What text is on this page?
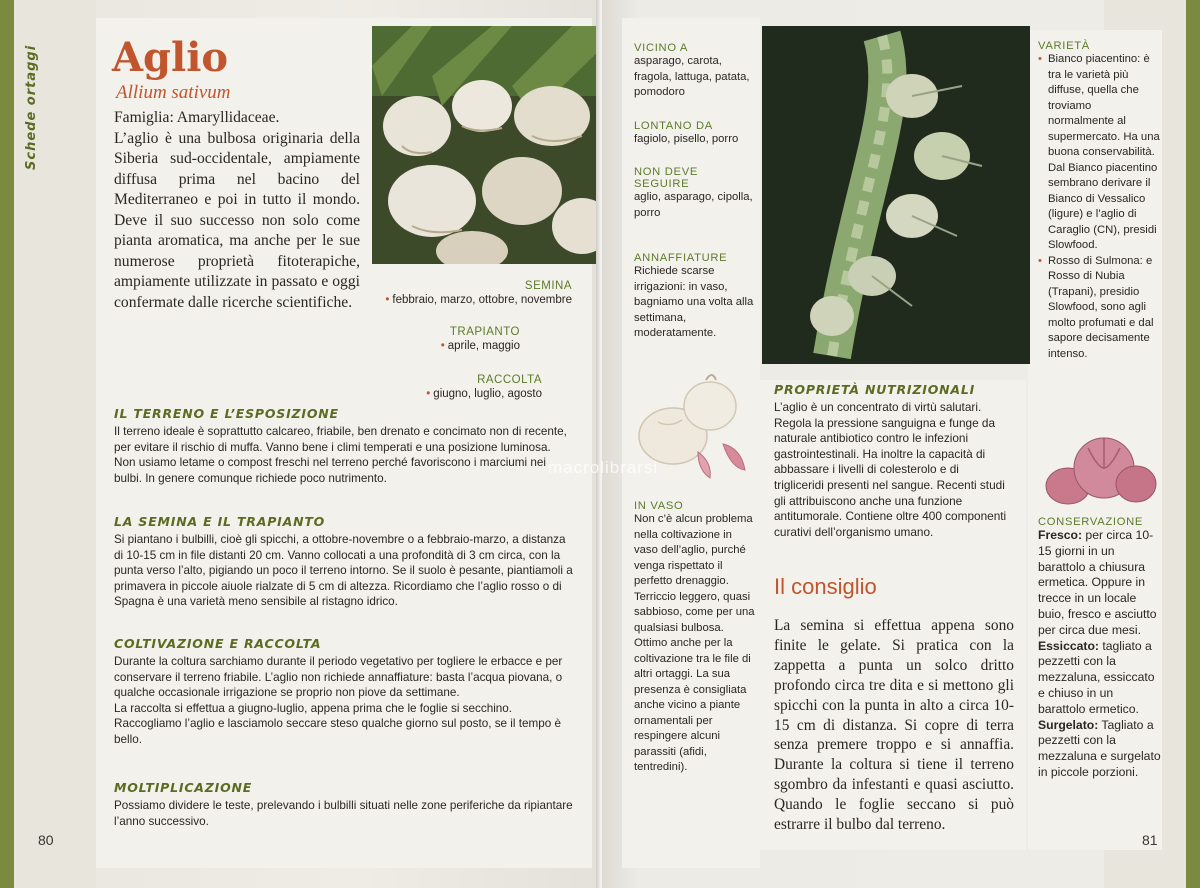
Schede ortaggi Aglio
Allium sativum

Famiglia: Amaryllidaceae.

L’aglio è una bulbosa originaria della Siberia sud-occidentale, ampiamente diffusa prima nel bacino del Mediterraneo e poi in tutto il mondo. Deve il suo successo non solo come pianta aromatica, ma anche per le sue numerose proprietà fitoterapiche, ampiamente utilizzate in passato e oggi confermate dalle ricerche scientifiche.

SEMINA
• febbraio, marzo, ottobre, novembre
TRAPIANTO
• aprile, maggio
RACCOLTA
• giugno, luglio, agosto

IL TERRENO E L’ESPOSIZIONE

Il terreno ideale è soprattutto calcareo, friabile, ben drenato e concimato non di recente, per evitare il rischio di muffa. Vanno bene i climi temperati e una posizione luminosa. Non usiamo letame o compost freschi nel terreno perché favoriscono i marciumi nei bulbi. In genere comunque richiede poco nutrimento.

LA SEMINA E IL TRAPIANTO

Si piantano i bulbilli, cioè gli spicchi, a ottobre-novembre o a febbraio-marzo, a distanza di 10-15 cm in file distanti 20 cm. Vanno collocati a una profondità di 3 cm circa, con la punta verso l’alto, pigiando un poco il terreno intorno. Se il suolo è pesante, piantiamoli a primavera in piccole aiuole rialzate di 5 cm di altezza. Ricordiamo che l’aglio rosso o di Spagna è una varietà meno sensibile al ristagno idrico.

COLTIVAZIONE E RACCOLTA

Durante la coltura sarchiamo durante il periodo vegetativo per togliere le erbacce e per conservare il terreno friabile. L’aglio non richiede annaffiature: basta l’acqua piovana, o qualche occasionale irrigazione se proprio non piove da settimane.

La raccolta si effettua a giugno-luglio, appena prima che le foglie si secchino. Raccogliamo l’aglio e lasciamolo seccare steso qualche giorno sul posto, se il tempo è bello.

MOLTIPLICAZIONE

Possiamo dividere le teste, prelevando i bulbilli situati nelle zone periferiche da ripiantare l’anno successivo.

80

VICINO A

asparago, carota, fragola, lattuga, patata, pomodoro

LONTANO DA

fagiolo, pisello, porro

NON DEVE SEGUIRE

aglio, asparago, cipolla, porro

ANNAFFIATURE

Richiede scarse irrigazioni: in vaso, bagniamo una volta alla settimana, moderatamente.

IN VASO

Non c’è alcun problema nella coltivazione in vaso dell’aglio, purché venga rispettato il perfetto drenaggio. Terriccio leggero, quasi sabbioso, come per una qualsiasi bulbosa. Ottimo anche per la coltivazione tra le file di altri ortaggi. La sua presenza è consigliata anche vicino a piante ornamentali per respingere alcuni parassiti (afidi, tentredini).

PROPRIETÀ NUTRIZIONALI

L’aglio è un concentrato di virtù salutari. Regola la pressione sanguigna e funge da naturale antibiotico contro le infezioni gastrointestinali. Ha inoltre la capacità di abbassare i livelli di colesterolo e di trigliceridi presenti nel sangue. Recenti studi gli attribuiscono anche una funzione antitumorale. Contiene oltre 400 componenti curativi dell’organismo umano.

Il consiglio
La semina si effettua appena sono finite le gelate. Si pratica con la zappetta a punta un solco dritto profondo circa tre dita e si mettono gli spicchi con la punta in alto a circa 10-15 cm di distanza. Si copre di terra senza premere troppo e si annaffia. Durante la coltura si tiene il terreno sgombro da infestanti e quasi asciutto. Quando le foglie seccano si può estrarre il bulbo dal terreno.

VARIETÀ

• Bianco piacentino: è tra le varietà più diffuse, quella che troviamo normalmente al supermercato. Ha una buona conservabilità. Dal Bianco piacentino sembrano derivare il Bianco di Vessalico (ligure) e l’aglio di Caraglio (CN), presidi Slowfood.
• Rosso di Sulmona: e Rosso di Nubia (Trapani), presidio Slowfood, sono agli molto profumati e dal sapore decisamente intenso.

CONSERVAZIONE

Fresco: per circa 10-15 giorni in un barattolo a chiusura ermetica. Oppure in trecce in un locale buio, fresco e asciutto per circa due mesi.

Essiccato: tagliato a pezzetti con la mezzaluna, essiccato e chiuso in un barattolo ermetico.

Surgelato: Tagliato a pezzetti con la mezzaluna e surgelato in piccole porzioni.

81
macrolibrarsi
